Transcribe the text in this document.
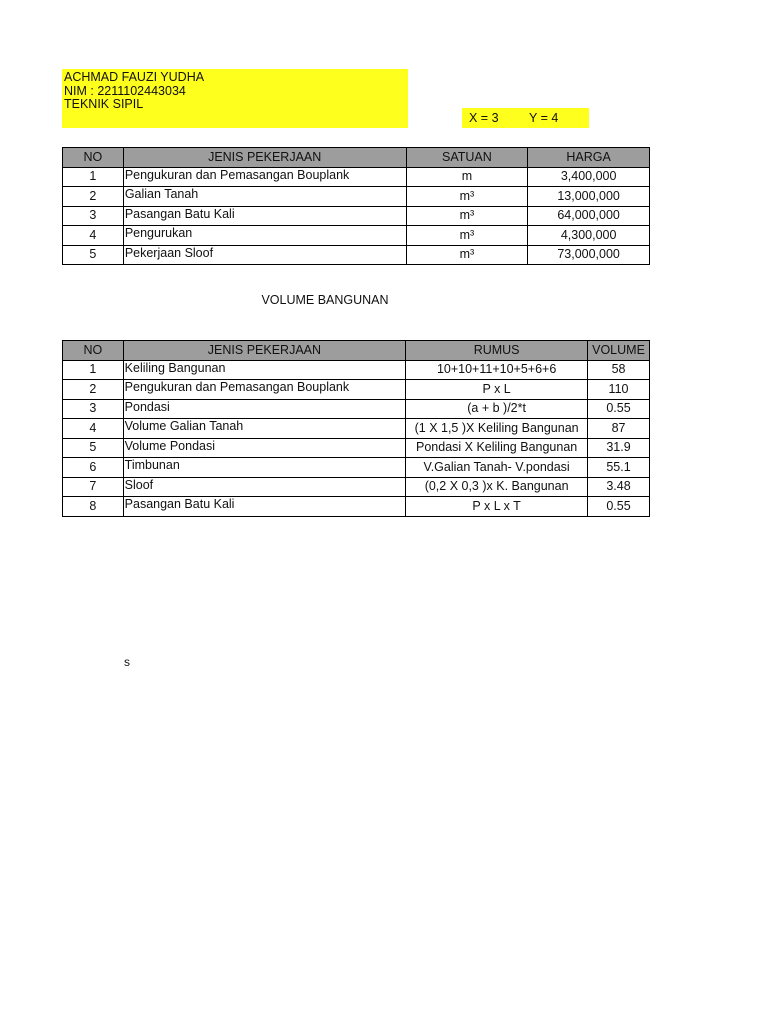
ACHMAD FAUZI YUDHA
NIM : 2211102443034
TEKNIK SIPIL
X = 3 Y = 4
NO	JENIS PEKERJAAN	SATUAN	HARGA
1	Pengukuran dan Pemasangan Bouplank	m	3,400,000
2	Galian Tanah	m³	13,000,000
3	Pasangan Batu Kali	m³	64,000,000
4	Pengurukan	m³	4,300,000
5	Pekerjaan Sloof	m³	73,000,000
VOLUME BANGUNAN
NO	JENIS PEKERJAAN	RUMUS	VOLUME
1	Keliling Bangunan	10+10+11+10+5+6+6	58
2	Pengukuran dan Pemasangan Bouplank	P x L	110
3	Pondasi	(a + b )/2*t	0.55
4	Volume Galian Tanah	(1 X 1,5 )X Keliling Bangunan	87
5	Volume Pondasi	Pondasi X Keliling Bangunan	31.9
6	Timbunan	V.Galian Tanah- V.pondasi	55.1
7	Sloof	(0,2 X 0,3 )x K. Bangunan	3.48
8	Pasangan Batu Kali	P x L x T	0.55
s
